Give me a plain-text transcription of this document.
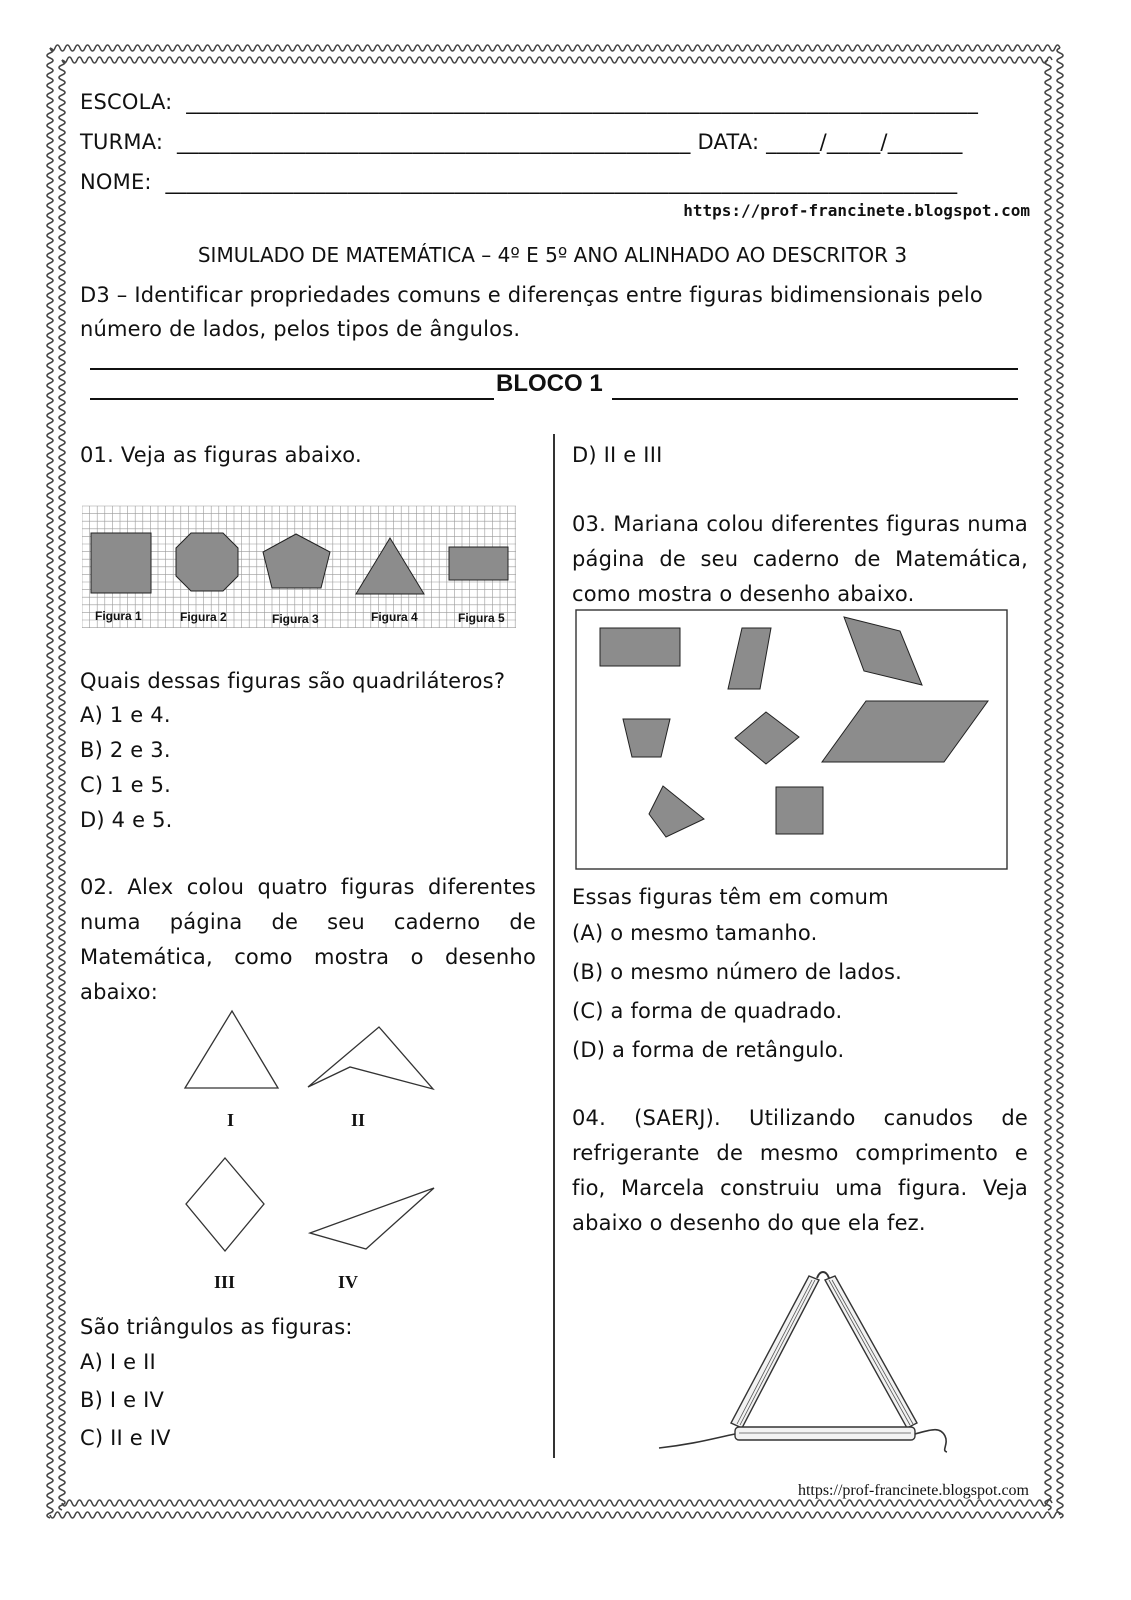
ESCOLA:  __________________________________________________________________________
TURMA:  ________________________________________________ DATA: _____/_____/_______
NOME:  __________________________________________________________________________
https://prof-francinete.blogspot.com
SIMULADO DE MATEMÁTICA – 4º E 5º ANO ALINHADO AO DESCRITOR 3
D3 – Identificar propriedades comuns e diferenças entre figuras bidimensionais pelo número de lados, pelos tipos de ângulos.
BLOCO 1
01. Veja as figuras abaixo.
Figura 1	Figura 2	Figura 3	Figura 4	Figura 5
Quais dessas figuras são quadriláteros?
A) 1 e 4.
B) 2 e 3.
C) 1 e 5.
D) 4 e 5.
02. Alex colou quatro figuras diferentes numa página de seu caderno de Matemática, como mostra o desenho abaixo:
I	II
III	IV
São triângulos as figuras:
A) I e II
B) I e IV
C) II e IV
D) II e III
03. Mariana colou diferentes figuras numa página de seu caderno de Matemática, como mostra o desenho abaixo.
Essas figuras têm em comum
(A) o mesmo tamanho.
(B) o mesmo número de lados.
(C) a forma de quadrado.
(D) a forma de retângulo.
04. (SAERJ). Utilizando canudos de refrigerante de mesmo comprimento e fio, Marcela construiu uma figura. Veja abaixo o desenho do que ela fez.
https://prof-francinete.blogspot.com
